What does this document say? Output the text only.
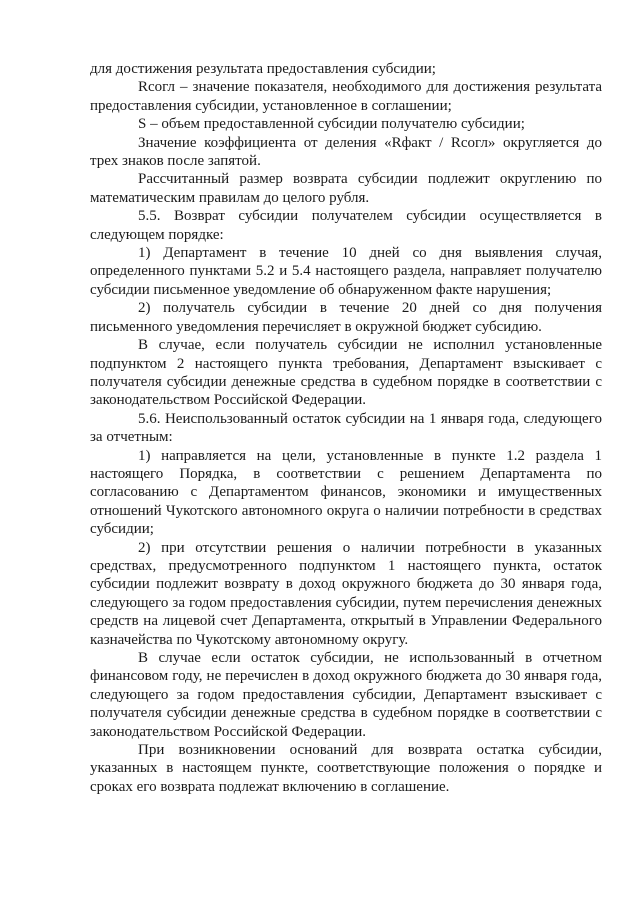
для достижения результата предоставления субсидии;

Rсогл – значение показателя, необходимого для достижения результата предоставления субсидии, установленное в соглашении;

S – объем предоставленной субсидии получателю субсидии;

Значение коэффициента от деления «Rфакт / Rсогл» округляется до трех знаков после запятой.

Рассчитанный размер возврата субсидии подлежит округлению по математическим правилам до целого рубля.

5.5. Возврат субсидии получателем субсидии осуществляется в следующем порядке:

1) Департамент в течение 10 дней со дня выявления случая, определенного пунктами 5.2 и 5.4 настоящего раздела, направляет получателю субсидии письменное уведомление об обнаруженном факте нарушения;

2) получатель субсидии в течение 20 дней со дня получения письменного уведомления перечисляет в окружной бюджет субсидию.

В случае, если получатель субсидии не исполнил установленные подпунктом 2 настоящего пункта требования, Департамент взыскивает с получателя субсидии денежные средства в судебном порядке в соответствии с законодательством Российской Федерации.

5.6. Неиспользованный остаток субсидии на 1 января года, следующего за отчетным:

1) направляется на цели, установленные в пункте 1.2 раздела 1 настоящего Порядка, в соответствии с решением Департамента по согласованию с Департаментом финансов, экономики и имущественных отношений Чукотского автономного округа о наличии потребности в средствах субсидии;

2) при отсутствии решения о наличии потребности в указанных средствах, предусмотренного подпунктом 1 настоящего пункта, остаток субсидии подлежит возврату в доход окружного бюджета до 30 января года, следующего за годом предоставления субсидии, путем перечисления денежных средств на лицевой счет Департамента, открытый в Управлении Федерального казначейства по Чукотскому автономному округу.

В случае если остаток субсидии, не использованный в отчетном финансовом году, не перечислен в доход окружного бюджета до 30 января года, следующего за годом предоставления субсидии, Департамент взыскивает с получателя субсидии денежные средства в судебном порядке в соответствии с законодательством Российской Федерации.

При возникновении оснований для возврата остатка субсидии, указанных в настоящем пункте, соответствующие положения о порядке и сроках его возврата подлежат включению в соглашение.
